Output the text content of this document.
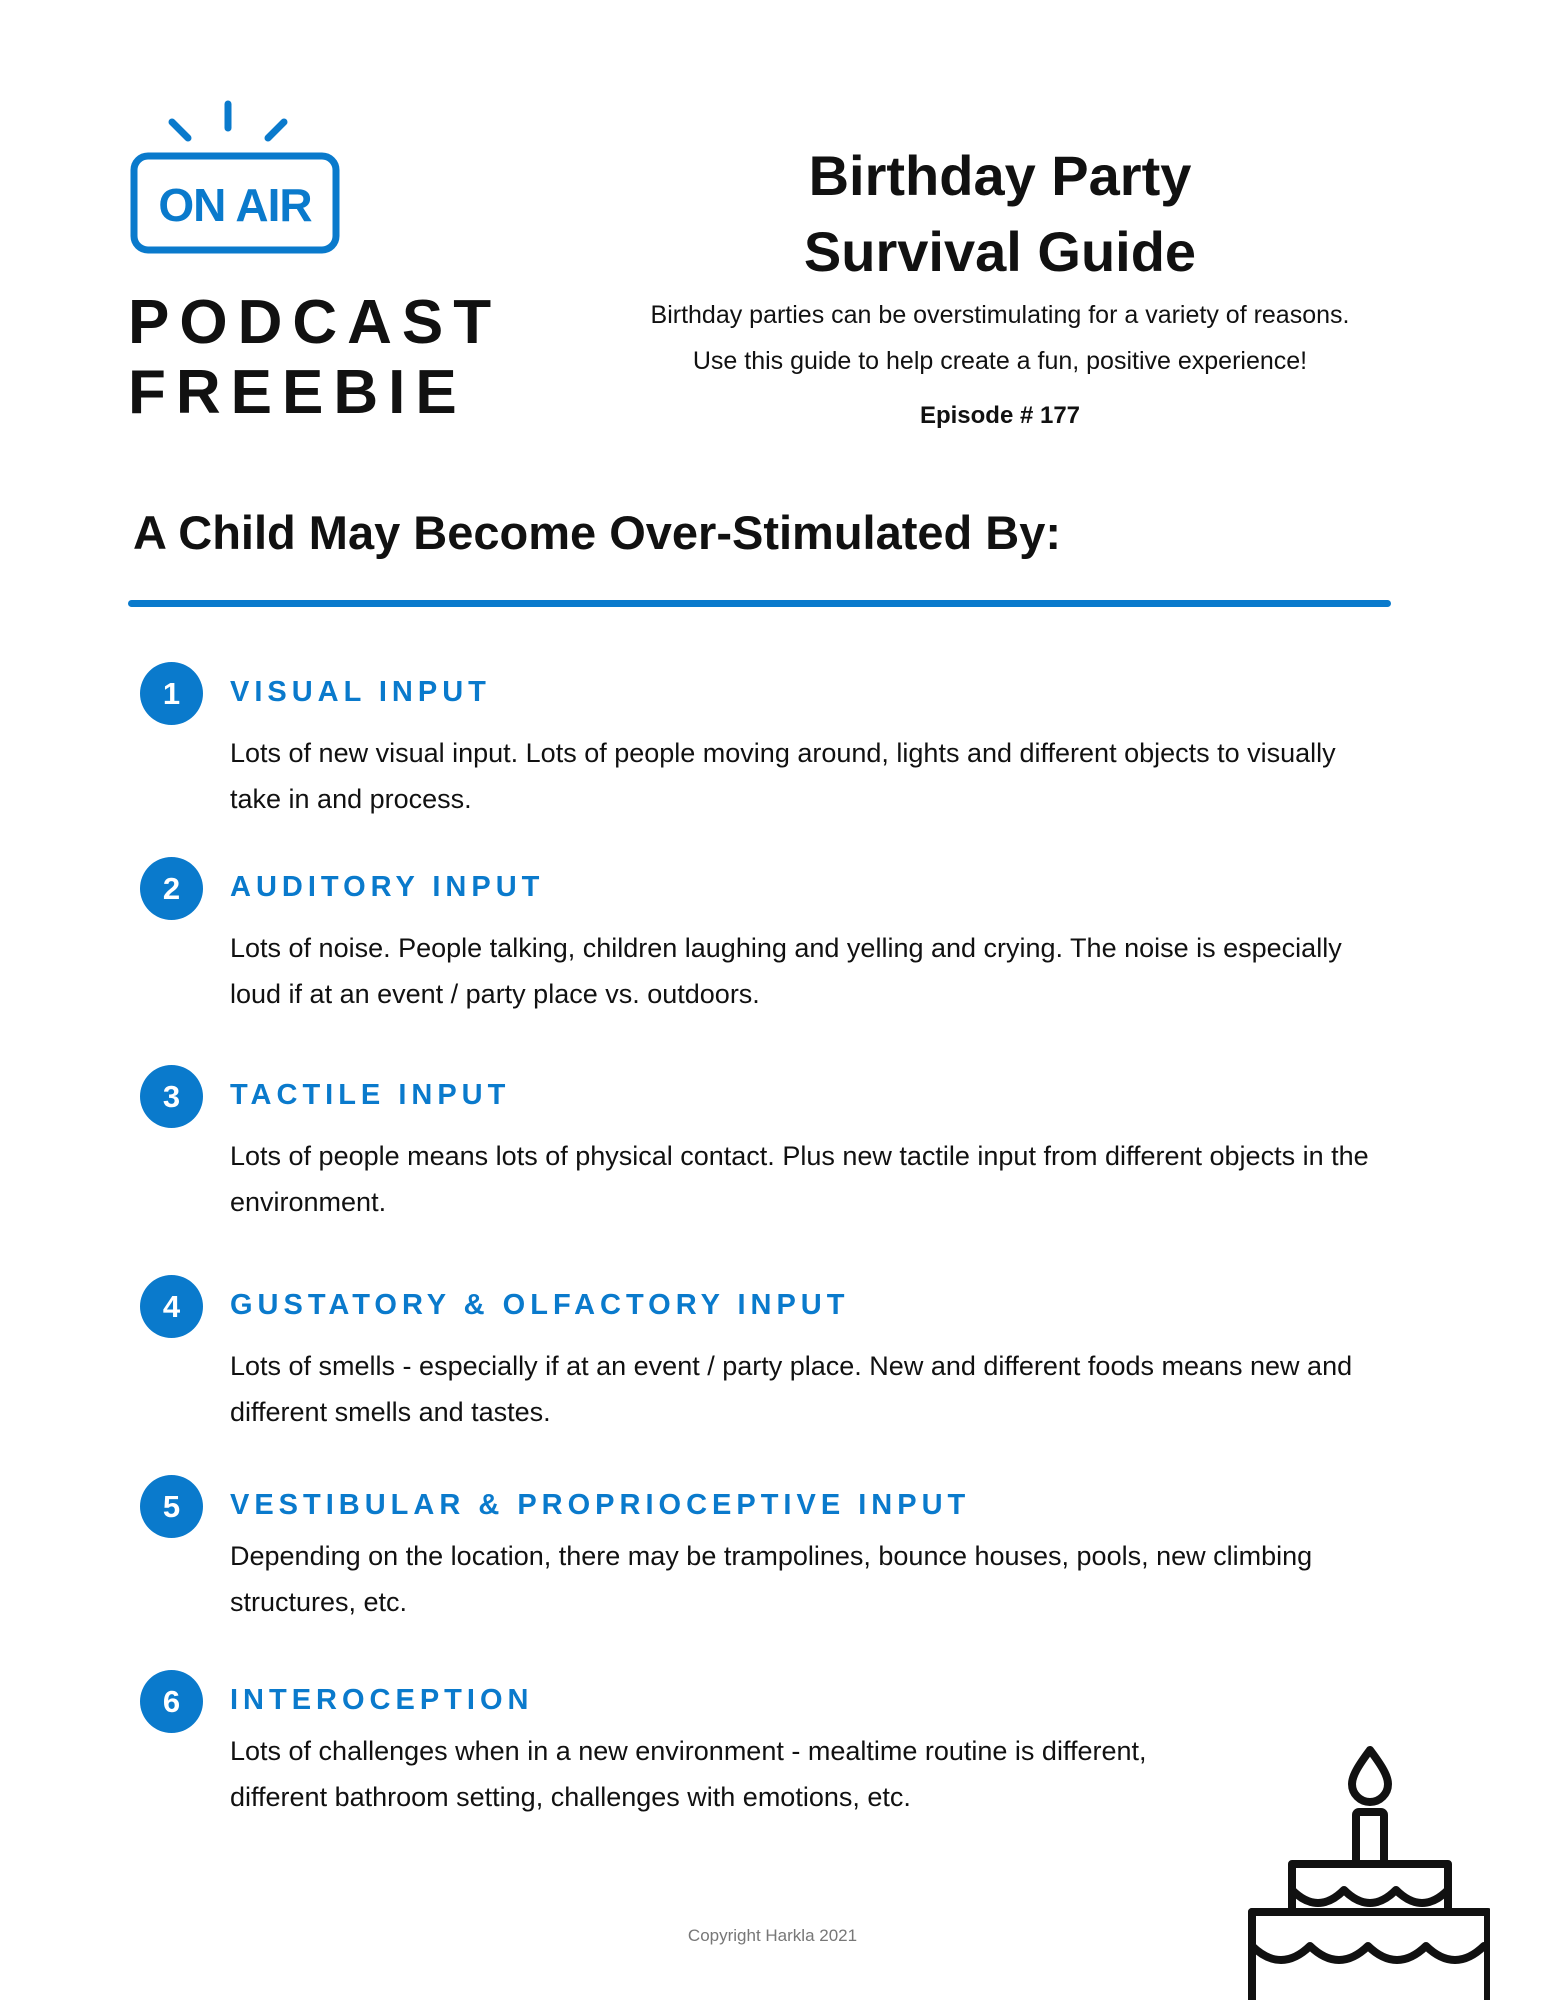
ON AIR
PODCAST
FREEBIE
Birthday Party
Survival Guide
Birthday parties can be overstimulating for a variety of reasons.
Use this guide to help create a fun, positive experience!
Episode # 177
A Child May Become Over-Stimulated By:
1	VISUAL INPUT
Lots of new visual input. Lots of people moving around, lights and different objects to visually take in and process.
2	AUDITORY INPUT
Lots of noise. People talking, children laughing and yelling and crying. The noise is especially loud if at an event / party place vs. outdoors.
3	TACTILE INPUT
Lots of people means lots of physical contact. Plus new tactile input from different objects in the environment.
4	GUSTATORY & OLFACTORY INPUT
Lots of smells - especially if at an event / party place. New and different foods means new and different smells and tastes.
5	VESTIBULAR & PROPRIOCEPTIVE INPUT
Depending on the location, there may be trampolines, bounce houses, pools, new climbing structures, etc.
6	INTEROCEPTION
Lots of challenges when in a new environment - mealtime routine is different, different bathroom setting, challenges with emotions, etc.
Copyright Harkla 2021
